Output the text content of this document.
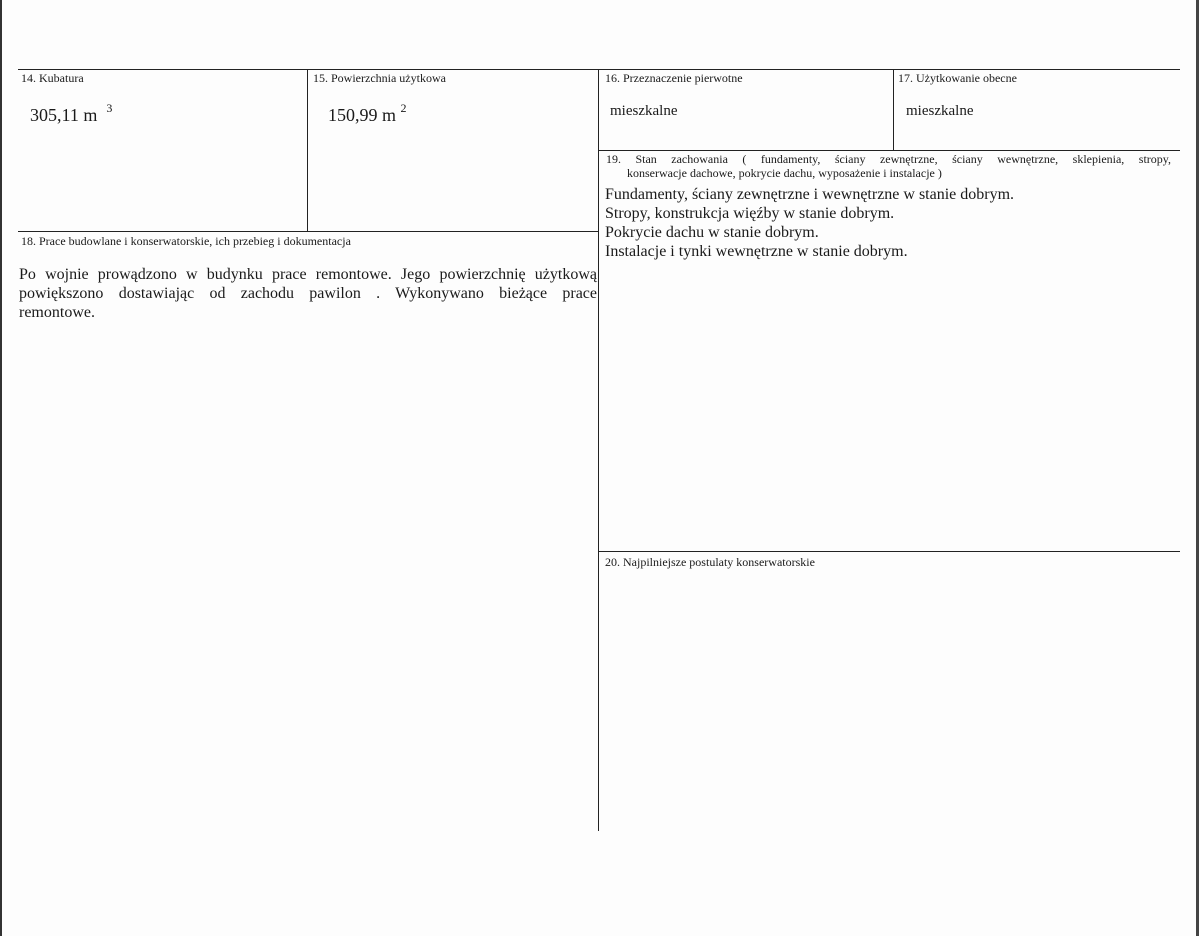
14. Kubatura
305,11 m $^3$
15. Powierzchnia użytkowa
150,99 m $^2$
16. Przeznaczenie pierwotne
mieszkalne
17. Użytkowanie obecne
mieszkalne
18. Prace budowlane i konserwatorskie, ich przebieg i dokumentacja
Po wojnie prowądzono w budynku prace remontowe. Jego powierzchnię użytkową
powiększono dostawiając od zachodu pawilon . Wykonywano bieżące prace
remontowe.
19. Stan zachowania ( fundamenty, ściany zewnętrzne, ściany wewnętrzne, sklepienia, stropy,
konserwacje dachowe, pokrycie dachu, wyposażenie i instalacje )
Fundamenty, ściany zewnętrzne i wewnętrzne w stanie dobrym.
Stropy, konstrukcja więźby w stanie dobrym.
Pokrycie dachu w stanie dobrym.
Instalacje i tynki wewnętrzne w stanie dobrym.
20. Najpilniejsze postulaty konserwatorskie
